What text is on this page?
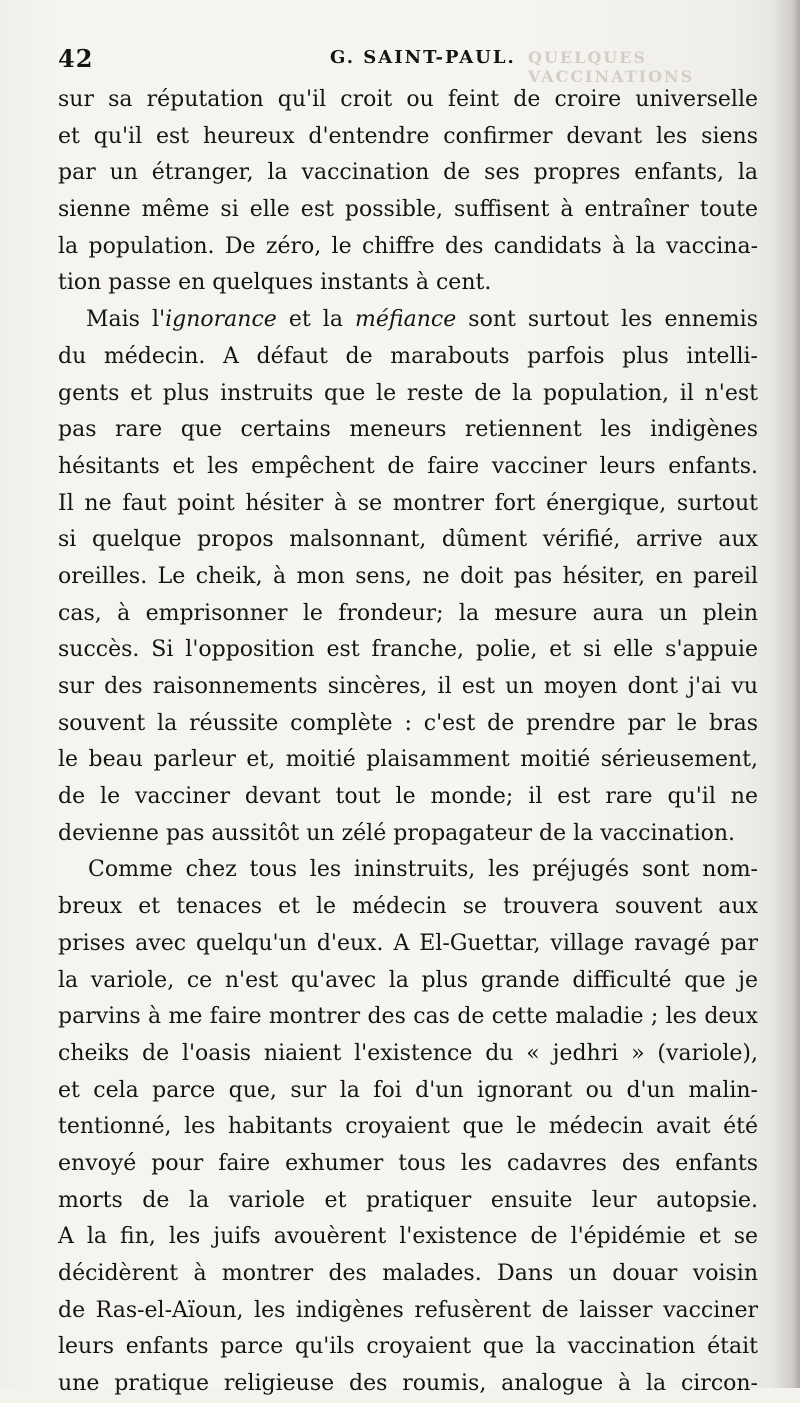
42	G. SAINT-PAUL. QUELQUES VACCINATIONS
sur sa réputation qu'il croit ou feint de croire universelle
et qu'il est heureux d'entendre confirmer devant les siens
par un étranger, la vaccination de ses propres enfants, la
sienne même si elle est possible, suffisent à entraîner toute
la population. De zéro, le chiffre des candidats à la vaccina-
tion passe en quelques instants à cent.
Mais l'ignorance et la méfiance sont surtout les ennemis
du médecin. A défaut de marabouts parfois plus intelli-
gents et plus instruits que le reste de la population, il n'est
pas rare que certains meneurs retiennent les indigènes
hésitants et les empêchent de faire vacciner leurs enfants.
Il ne faut point hésiter à se montrer fort énergique, surtout
si quelque propos malsonnant, dûment vérifié, arrive aux
oreilles. Le cheik, à mon sens, ne doit pas hésiter, en pareil
cas, à emprisonner le frondeur; la mesure aura un plein
succès. Si l'opposition est franche, polie, et si elle s'appuie
sur des raisonnements sincères, il est un moyen dont j'ai vu
souvent la réussite complète : c'est de prendre par le bras
le beau parleur et, moitié plaisamment moitié sérieusement,
de le vacciner devant tout le monde; il est rare qu'il ne
devienne pas aussitôt un zélé propagateur de la vaccination.
Comme chez tous les ininstruits, les préjugés sont nom-
breux et tenaces et le médecin se trouvera souvent aux
prises avec quelqu'un d'eux. A El-Guettar, village ravagé par
la variole, ce n'est qu'avec la plus grande difficulté que je
parvins à me faire montrer des cas de cette maladie ; les deux
cheiks de l'oasis niaient l'existence du « jedhri » (variole),
et cela parce que, sur la foi d'un ignorant ou d'un malin-
tentionné, les habitants croyaient que le médecin avait été
envoyé pour faire exhumer tous les cadavres des enfants
morts de la variole et pratiquer ensuite leur autopsie.
A la fin, les juifs avouèrent l'existence de l'épidémie et se
décidèrent à montrer des malades. Dans un douar voisin
de Ras-el-Aïoun, les indigènes refusèrent de laisser vacciner
leurs enfants parce qu'ils croyaient que la vaccination était
une pratique religieuse des roumis, analogue à la circon-
